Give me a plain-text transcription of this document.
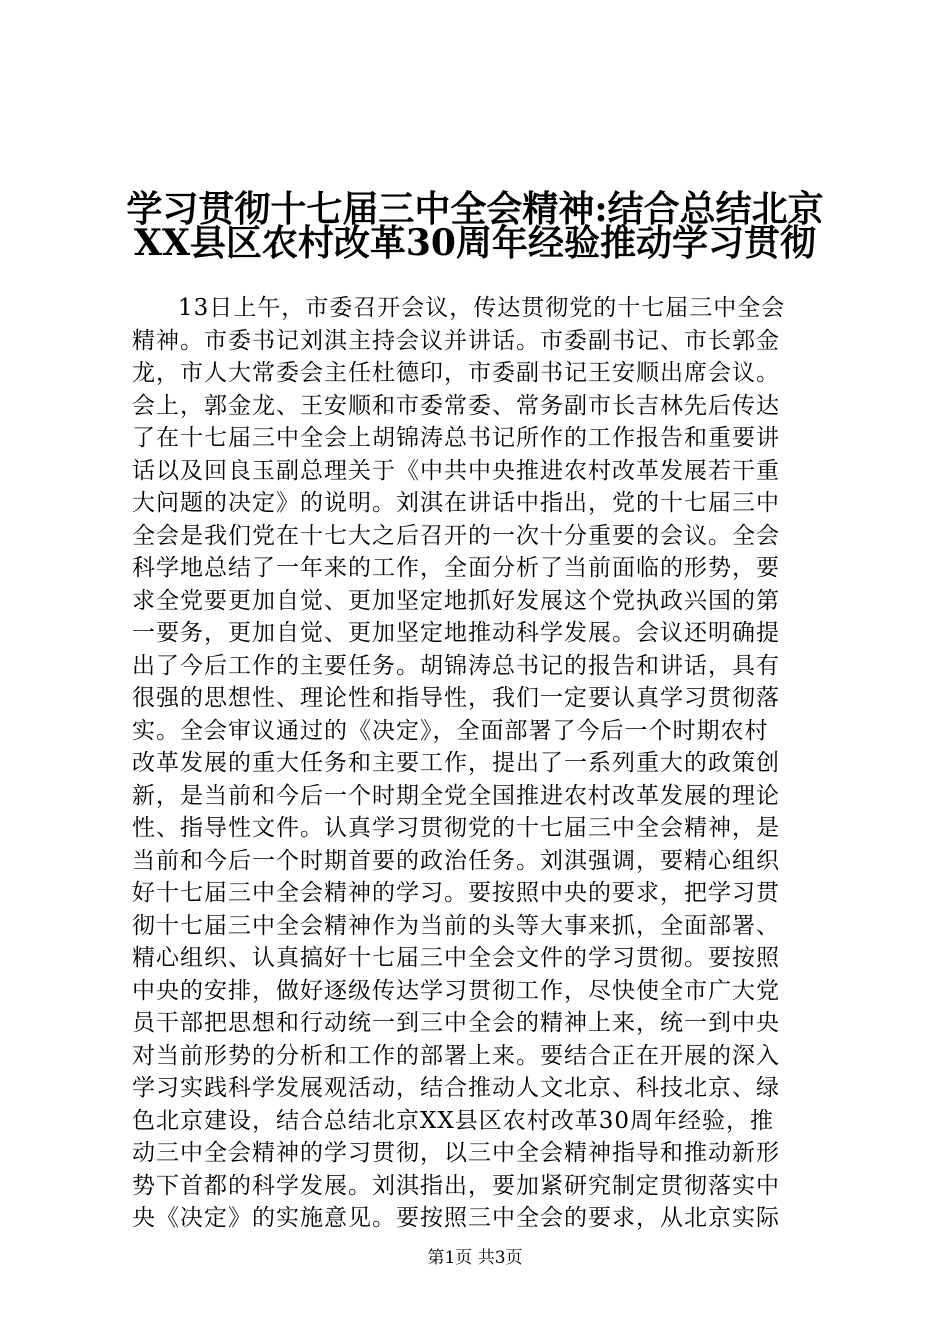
学习贯彻十七届三中全会精神:结合总结北京
XX县区农村改革30周年经验推动学习贯彻
13日上午，市委召开会议，传达贯彻党的十七届三中全会
精神。市委书记刘淇主持会议并讲话。市委副书记、市长郭金
龙，市人大常委会主任杜德印，市委副书记王安顺出席会议。
会上，郭金龙、王安顺和市委常委、常务副市长吉林先后传达
了在十七届三中全会上胡锦涛总书记所作的工作报告和重要讲
话以及回良玉副总理关于《中共中央推进农村改革发展若干重
大问题的决定》的说明。刘淇在讲话中指出，党的十七届三中
全会是我们党在十七大之后召开的一次十分重要的会议。全会
科学地总结了一年来的工作，全面分析了当前面临的形势，要
求全党要更加自觉、更加坚定地抓好发展这个党执政兴国的第
一要务，更加自觉、更加坚定地推动科学发展。会议还明确提
出了今后工作的主要任务。胡锦涛总书记的报告和讲话，具有
很强的思想性、理论性和指导性，我们一定要认真学习贯彻落
实。全会审议通过的《决定》，全面部署了今后一个时期农村
改革发展的重大任务和主要工作，提出了一系列重大的政策创
新，是当前和今后一个时期全党全国推进农村改革发展的理论
性、指导性文件。认真学习贯彻党的十七届三中全会精神，是
当前和今后一个时期首要的政治任务。刘淇强调，要精心组织
好十七届三中全会精神的学习。要按照中央的要求，把学习贯
彻十七届三中全会精神作为当前的头等大事来抓，全面部署、
精心组织、认真搞好十七届三中全会文件的学习贯彻。要按照
中央的安排，做好逐级传达学习贯彻工作，尽快使全市广大党
员干部把思想和行动统一到三中全会的精神上来，统一到中央
对当前形势的分析和工作的部署上来。要结合正在开展的深入
学习实践科学发展观活动，结合推动人文北京、科技北京、绿
色北京建设，结合总结北京XX县区农村改革30周年经验，推
动三中全会精神的学习贯彻，以三中全会精神指导和推动新形
势下首都的科学发展。刘淇指出，要加紧研究制定贯彻落实中
央《决定》的实施意见。要按照三中全会的要求，从北京实际
第1页 共3页
